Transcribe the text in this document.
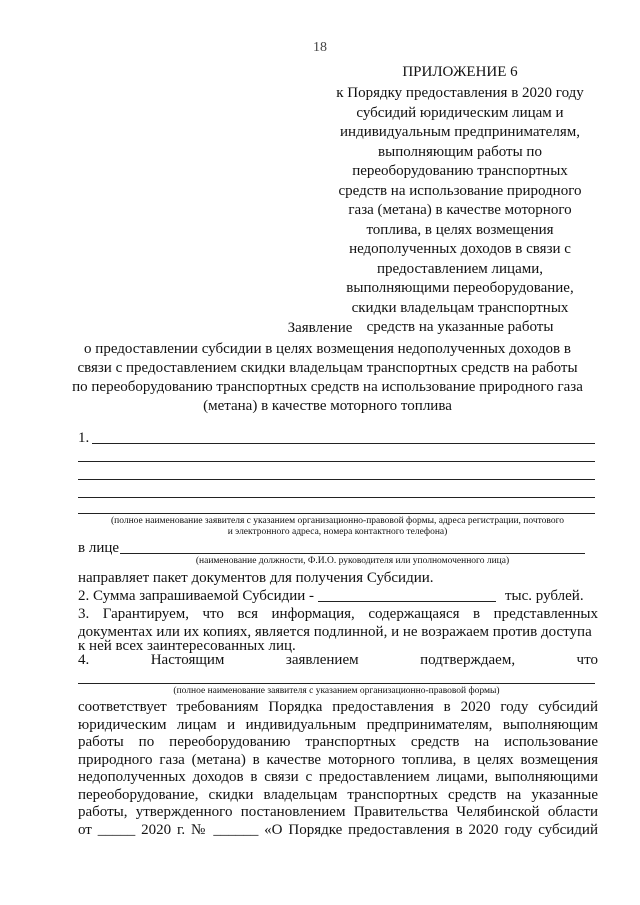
18
ПРИЛОЖЕНИЕ 6
к Порядку предоставления в 2020 году
субсидий юридическим лицам и
индивидуальным предпринимателям,
выполняющим работы по
переоборудованию транспортных
средств на использование природного
газа (метана) в качестве моторного
топлива, в целях возмещения
недополученных доходов в связи с
предоставлением лицами,
выполняющими переоборудование,
скидки владельцам транспортных
средств на указанные работы
Заявление
о предоставлении субсидии в целях возмещения недополученных доходов в
связи с предоставлением скидки владельцам транспортных средств на работы
по переоборудованию транспортных средств на использование природного газа
(метана) в качестве моторного топлива
1.
(полное наименование заявителя с указанием организационно-правовой формы, адреса регистрации, почтового
и электронного адреса, номера контактного телефона)
в лице
(наименование должности, Ф.И.О. руководителя или уполномоченного лица)
направляет пакет документов для получения Субсидии.
2. Сумма запрашиваемой Субсидии -	тыс. рублей.
3. Гарантируем, что вся информация, содержащаяся в представленных
документах или их копиях, является подлинной, и не возражаем против доступа
к ней всех заинтересованных лиц.
4.	Настоящим	заявлением	подтверждаем,	что
(полное наименование заявителя с указанием организационно-правовой формы)
соответствует требованиям Порядка предоставления в 2020 году субсидий
юридическим лицам и индивидуальным предпринимателям, выполняющим
работы по переоборудованию транспортных средств на использование
природного газа (метана) в качестве моторного топлива, в целях возмещения
недополученных доходов в связи с предоставлением лицами, выполняющими
переоборудование, скидки владельцам транспортных средств на указанные
работы, утвержденного постановлением Правительства Челябинской области
от _____ 2020 г. № ______ «О Порядке предоставления в 2020 году субсидий
